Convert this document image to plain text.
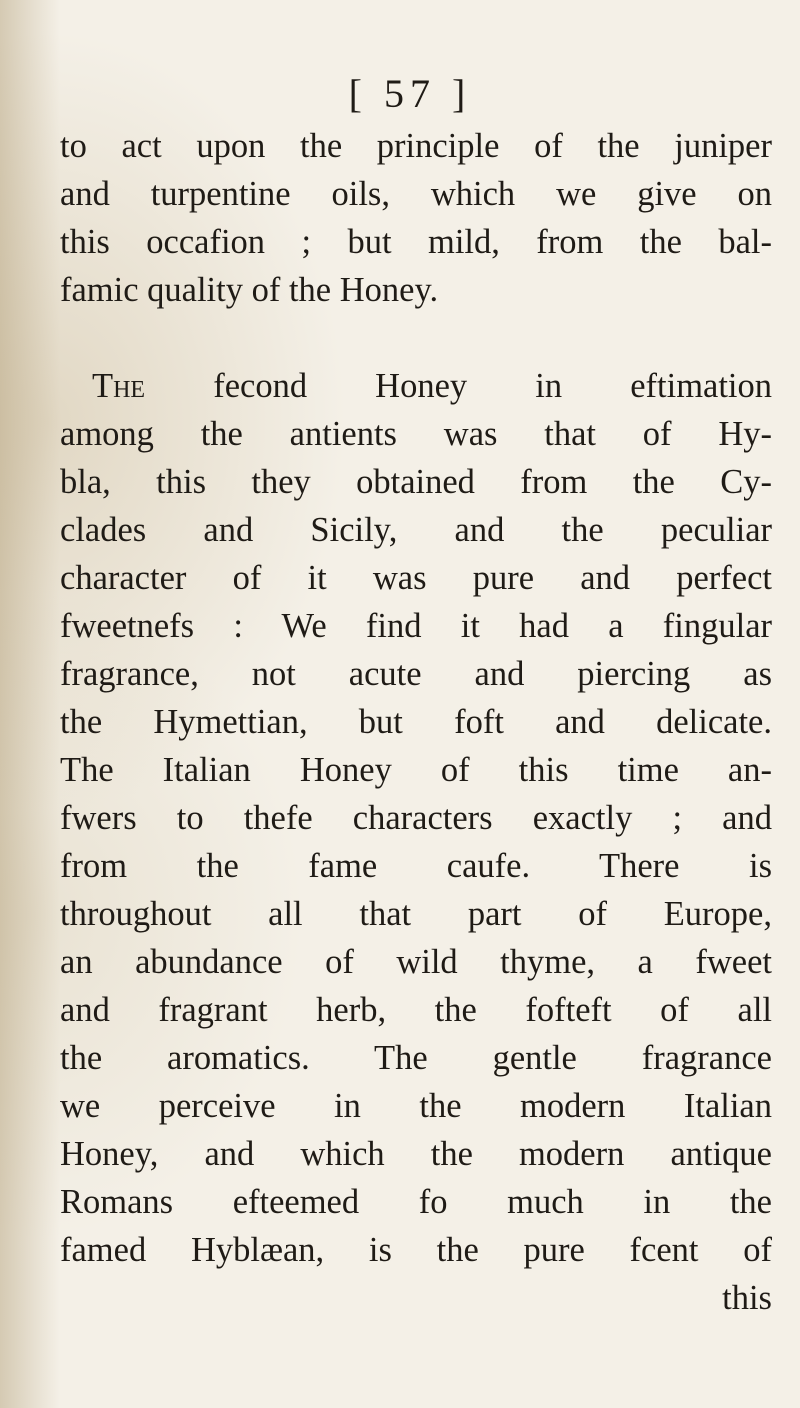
[ 57 ]
to act upon the principle of the juniper
and turpentine oils, which we give on
this occafion ; but mild, from the bal-
famic quality of the Honey.
The fecond Honey in eftimation
among the antients was that of Hy-
bla, this they obtained from the Cy-
clades and Sicily, and the peculiar
character of it was pure and perfect
fweetnefs : We find it had a fingular
fragrance, not acute and piercing as
the Hymettian, but foft and delicate.
The Italian Honey of this time an-
fwers to thefe characters exactly ; and
from the fame caufe. There is
throughout all that part of Europe,
an abundance of wild thyme, a fweet
and fragrant herb, the fofteft of all
the aromatics. The gentle fragrance
we perceive in the modern Italian
Honey, and which the modern antique
Romans efteemed fo much in the
famed Hyblæan, is the pure fcent of
this
